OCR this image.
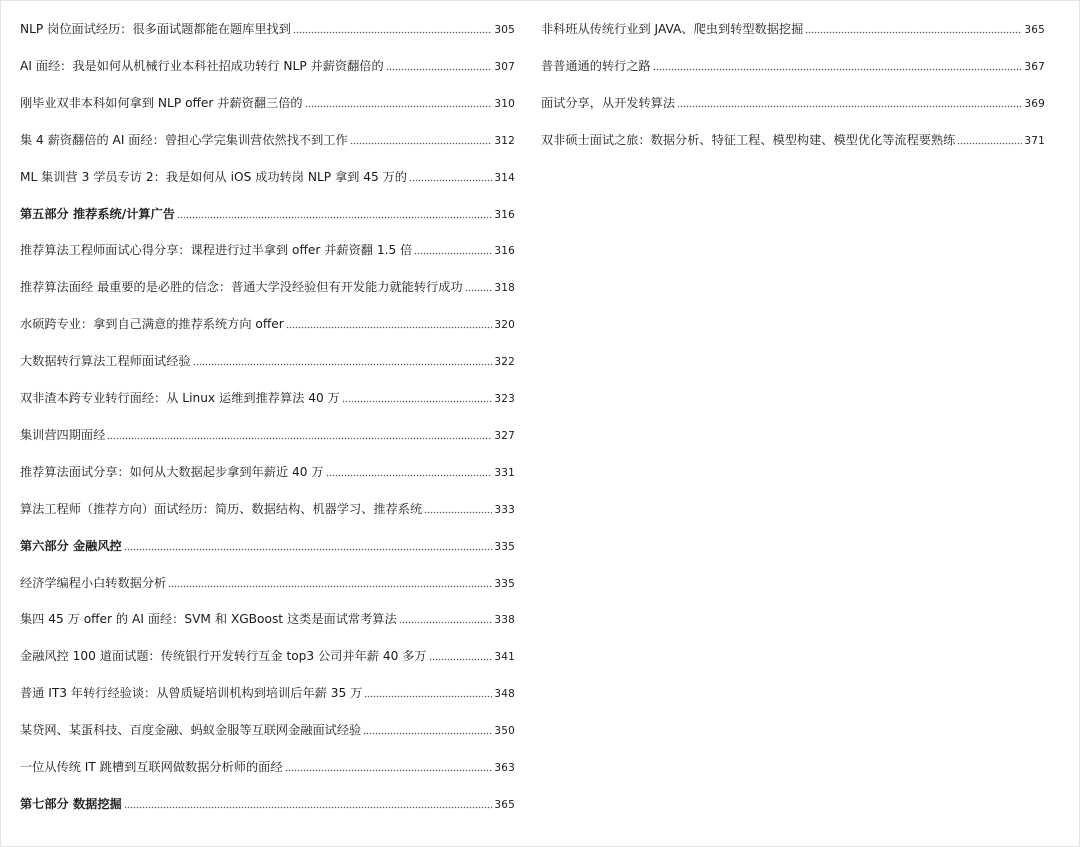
NLP 岗位面试经历：很多面试题都能在题库里找到	305
AI 面经：我是如何从机械行业本科社招成功转行 NLP 并薪资翻倍的	307
刚毕业双非本科如何拿到 NLP offer 并薪资翻三倍的	310
集 4 薪资翻倍的 AI 面经：曾担心学完集训营依然找不到工作	312
ML 集训营 3 学员专访 2：我是如何从 iOS 成功转岗 NLP 拿到 45 万的	314
第五部分 推荐系统/计算广告	316
推荐算法工程师面试心得分享：课程进行过半拿到 offer 并薪资翻 1.5 倍	316
推荐算法面经 最重要的是必胜的信念：普通大学没经验但有开发能力就能转行成功	318
水硕跨专业：拿到自己满意的推荐系统方向 offer	320
大数据转行算法工程师面试经验	322
双非渣本跨专业转行面经：从 Linux 运维到推荐算法 40 万	323
集训营四期面经	327
推荐算法面试分享：如何从大数据起步拿到年薪近 40 万	331
算法工程师（推荐方向）面试经历：简历、数据结构、机器学习、推荐系统	333
第六部分 金融风控	335
经济学编程小白转数据分析	335
集四 45 万 offer 的 AI 面经：SVM 和 XGBoost 这类是面试常考算法	338
金融风控 100 道面试题：传统银行开发转行互金 top3 公司并年薪 40 多万	341
普通 IT3 年转行经验谈：从曾质疑培训机构到培训后年薪 35 万	348
某贷网、某蛋科技、百度金融、蚂蚁金服等互联网金融面试经验	350
一位从传统 IT 跳槽到互联网做数据分析师的面经	363
第七部分 数据挖掘	365
非科班从传统行业到 JAVA、爬虫到转型数据挖掘	365
普普通通的转行之路	367
面试分享，从开发转算法	369
双非硕士面试之旅：数据分析、特征工程、模型构建、模型优化等流程要熟练	371
